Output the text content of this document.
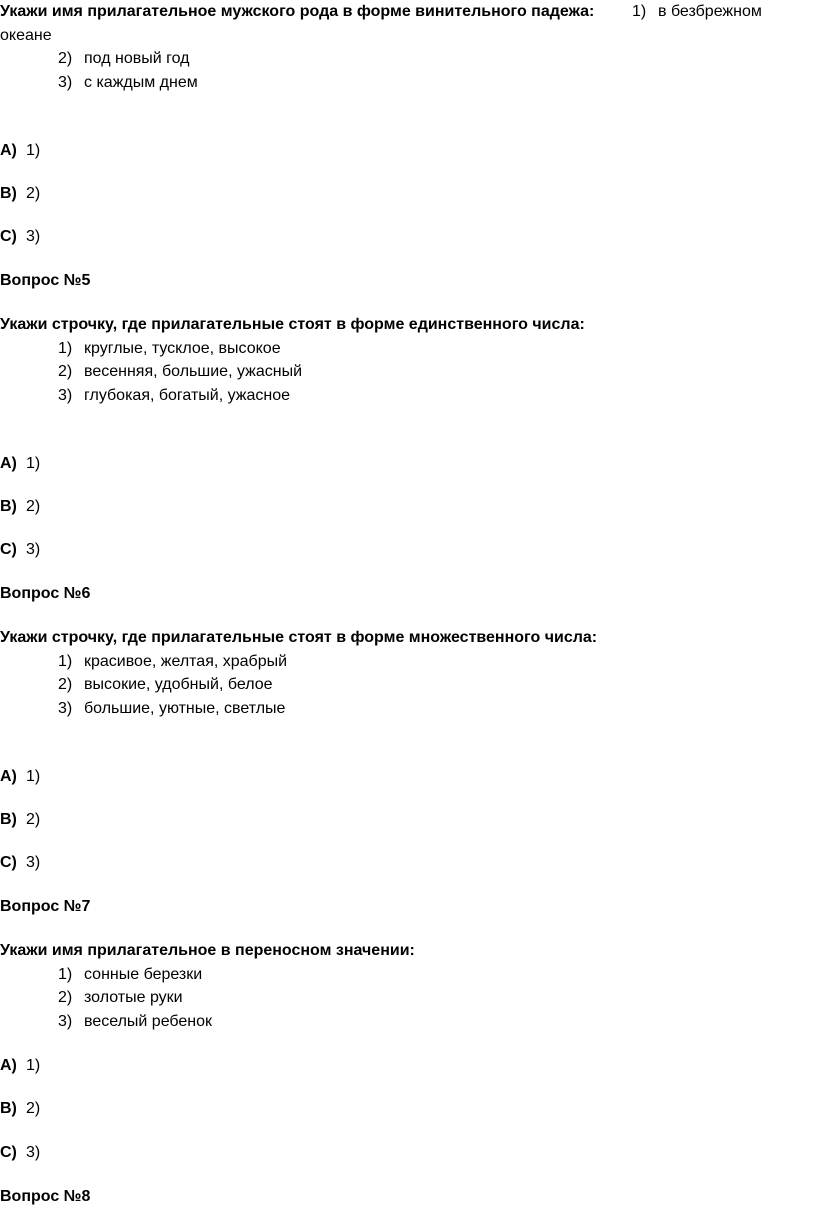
Укажи имя прилагательное мужского рода в форме винительного падежа: 1) в безбрежном
океане
2) под новый год
3) с каждым днем
A) 1)
B) 2)
C) 3)
Вопрос №5
Укажи строчку, где прилагательные стоят в форме единственного числа:
1) круглые, тусклое, высокое
2) весенняя, большие, ужасный
3) глубокая, богатый, ужасное
A) 1)
B) 2)
C) 3)
Вопрос №6
Укажи строчку, где прилагательные стоят в форме множественного числа:
1) красивое, желтая, храбрый
2) высокие, удобный, белое
3) большие, уютные, светлые
A) 1)
B) 2)
C) 3)
Вопрос №7
Укажи имя прилагательное в переносном значении:
1) сонные березки
2) золотые руки
3) веселый ребенок
A) 1)
B) 2)
C) 3)
Вопрос №8
